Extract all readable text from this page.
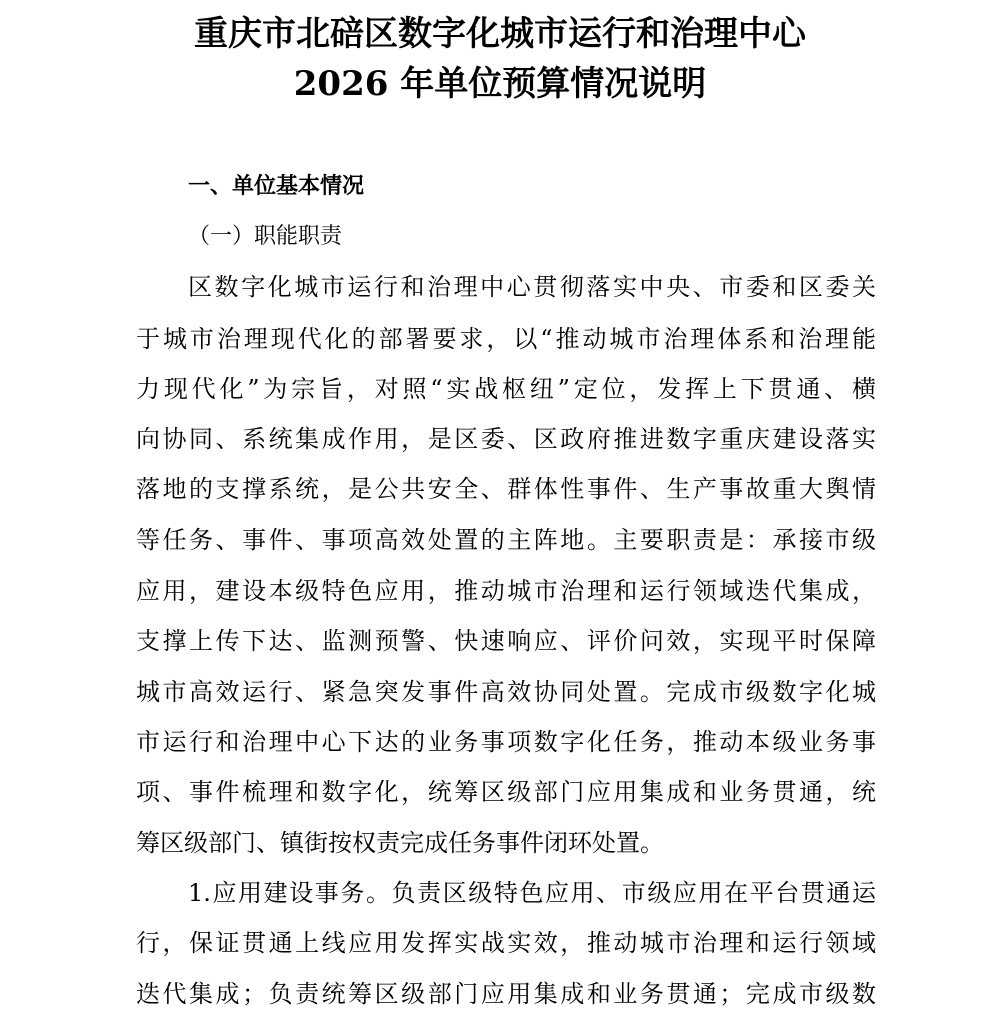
重庆市北碚区数字化城市运行和治理中心
2026 年单位预算情况说明
一、单位基本情况
（一）职能职责
区数字化城市运行和治理中心贯彻落实中央、市委和区委关
于城市治理现代化的部署要求，以“推动城市治理体系和治理能
力现代化”为宗旨，对照“实战枢纽”定位，发挥上下贯通、横
向协同、系统集成作用，是区委、区政府推进数字重庆建设落实
落地的支撑系统，是公共安全、群体性事件、生产事故重大舆情
等任务、事件、事项高效处置的主阵地。主要职责是：承接市级
应用，建设本级特色应用，推动城市治理和运行领域迭代集成，
支撑上传下达、监测预警、快速响应、评价问效，实现平时保障
城市高效运行、紧急突发事件高效协同处置。完成市级数字化城
市运行和治理中心下达的业务事项数字化任务，推动本级业务事
项、事件梳理和数字化，统筹区级部门应用集成和业务贯通，统
筹区级部门、镇街按权责完成任务事件闭环处置。
1.应用建设事务。负责区级特色应用、市级应用在平台贯通运
行，保证贯通上线应用发挥实战实效，推动城市治理和运行领域
迭代集成；负责统筹区级部门应用集成和业务贯通；完成市级数
